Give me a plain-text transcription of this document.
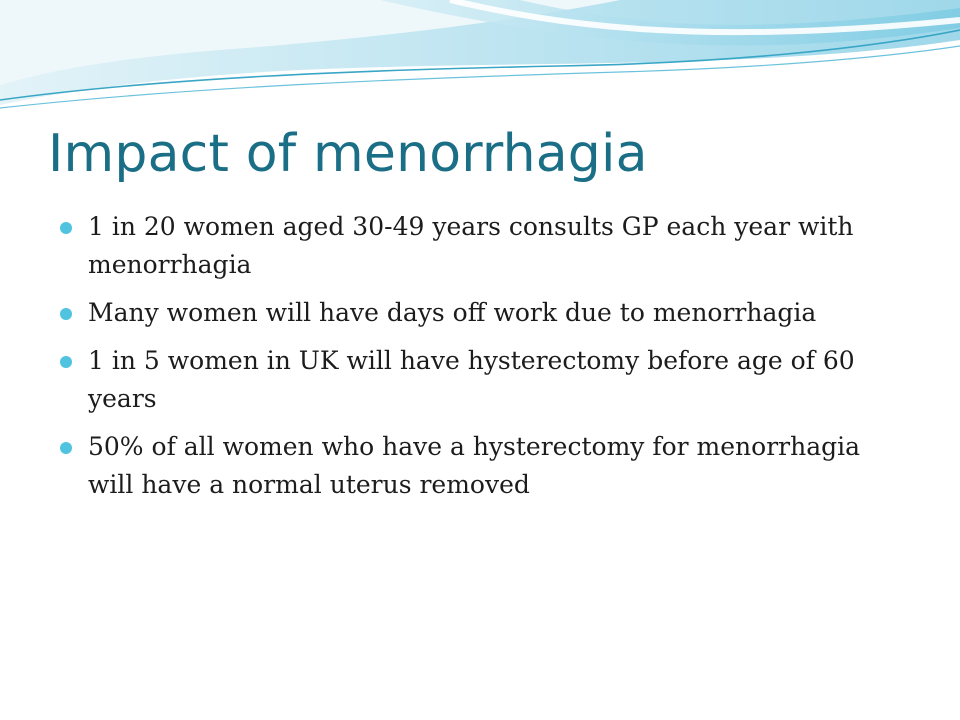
Impact of menorrhagia
1 in 20 women aged 30-49 years consults GP each year with menorrhagia
Many women will have days off work due to menorrhagia
1 in 5 women in UK will have hysterectomy before age of 60 years
50% of all women who have a hysterectomy for menorrhagia will have a normal uterus removed
